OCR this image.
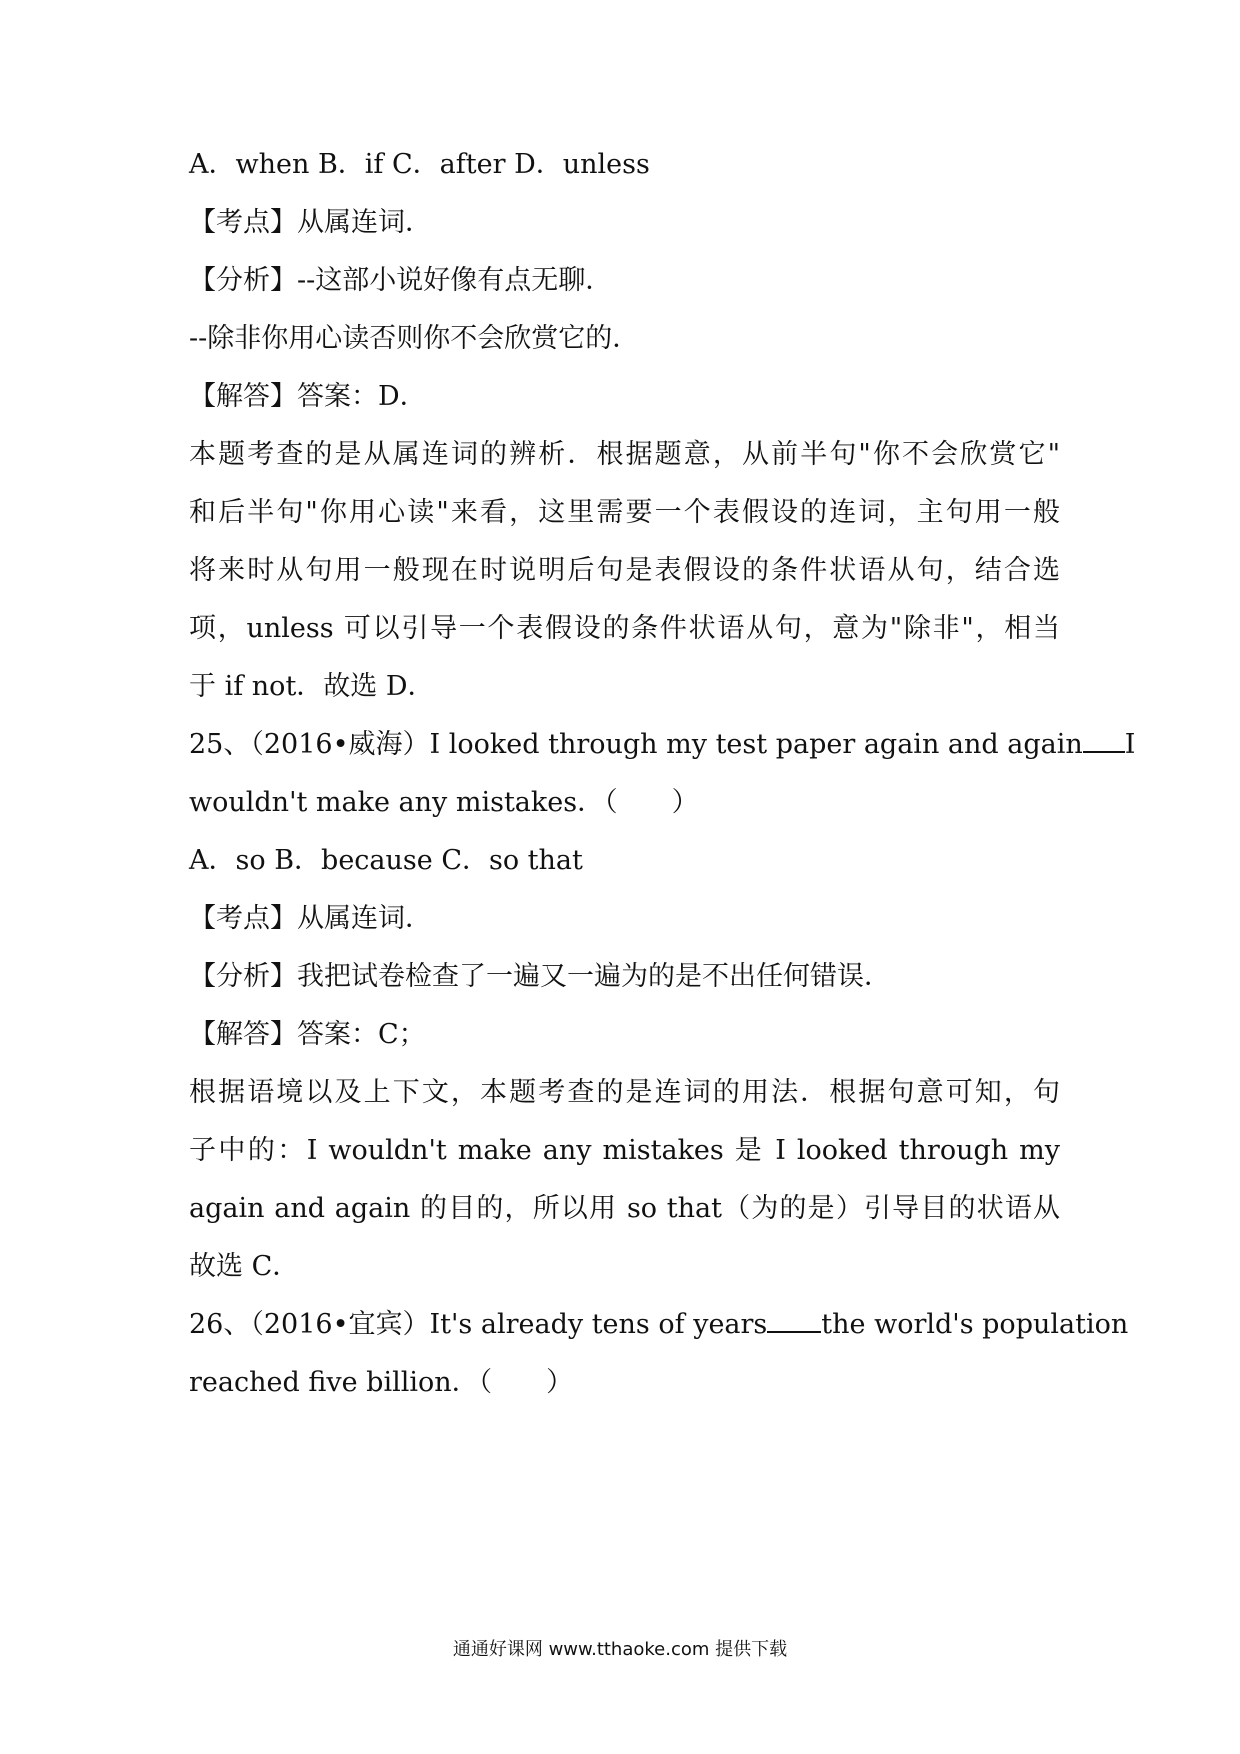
A．when B．if C．after D．unless
【考点】从属连词．
【分析】--这部小说好像有点无聊．
--除非你用心读否则你不会欣赏它的．
【解答】答案：D．
本题考查的是从属连词的辨析．根据题意，从前半句"你不会欣赏它"
和后半句"你用心读"来看，这里需要一个表假设的连词，主句用一般
将来时从句用一般现在时说明后句是表假设的条件状语从句，结合选
项，unless 可以引导一个表假设的条件状语从句，意为"除非"，相当
于 if not．故选 D．
25、（2016•威海）I looked through my test paper again and again I
wouldn't make any mistakes．（　　）
A．so B．because C．so that
【考点】从属连词．
【分析】我把试卷检查了一遍又一遍为的是不出任何错误．
【解答】答案：C；
根据语境以及上下文，本题考查的是连词的用法．根据句意可知，句
子中的：I wouldn't make any mistakes 是 I looked through my
again and again 的目的，所以用 so that（为的是）引导目的状语从
故选 C．
26、（2016•宜宾）It's already tens of years the world's population
reached five billion．（　　）
通通好课网 www.tthaoke.com 提供下载
